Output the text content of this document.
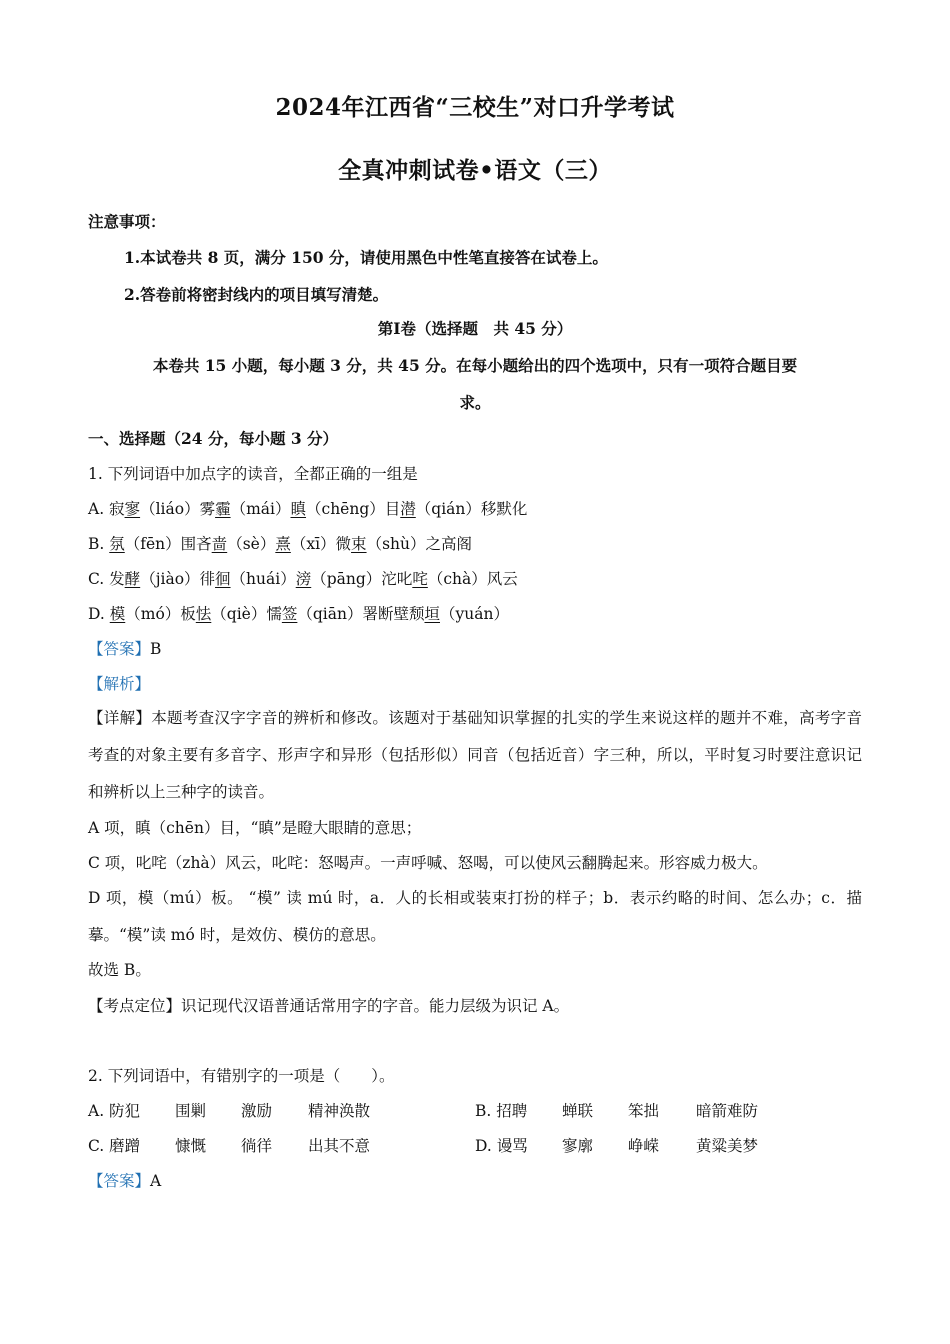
2024年江西省“三校生”对口升学考试
全真冲刺试卷•语文（三）
注意事项：
1.本试卷共 8 页，满分 150 分，请使用黑色中性笔直接答在试卷上。
2.答卷前将密封线内的项目填写清楚。
第Ⅰ卷（选择题　共 45 分）
本卷共 15 小题，每小题 3 分，共 45 分。在每小题给出的四个选项中，只有一项符合题目要
求。
一、选择题（24 分，每小题 3 分）
1. 下列词语中加点字的读音，全都正确的一组是
A. 寂寥（liáo）雾霾（mái）瞋（chēng）目潜（qián）移默化
B. 氛（fēn）围吝啬（sè）熹（xī）微束（shù）之高阁
C. 发酵（jiào）徘徊（huái）滂（pāng）沱叱咤（chà）风云
D. 模（mó）板怯（qiè）懦签（qiān）署断壁颓垣（yuán）
【答案】B
【解析】
【详解】本题考查汉字字音的辨析和修改。该题对于基础知识掌握的扎实的学生来说这样的题并不难，高考字音考查的对象主要有多音字、形声字和异形（包括形似）同音（包括近音）字三种，所以，平时复习时要注意识记和辨析以上三种字的读音。
A 项，瞋（chēn）目，“瞋”是瞪大眼睛的意思；
C 项，叱咤（zhà）风云，叱咤：怒喝声。一声呼喊、怒喝，可以使风云翻腾起来。形容威力极大。
D 项，模（mú）板。 “模” 读 mú 时，a．人的长相或装束打扮的样子；b．表示约略的时间、怎么办；c．描摹。“模”读 mó 时，是效仿、模仿的意思。
故选 B。
【考点定位】识记现代汉语普通话常用字的字音。能力层级为识记 A。
2. 下列词语中，有错别字的一项是（　　）。
A. 防犯 围剿 激励 精神涣散	B. 招聘 蝉联 笨拙 暗箭难防
C. 磨蹭 慷慨 徜徉 出其不意	D. 谩骂 寥廓 峥嵘 黄粱美梦
【答案】A
